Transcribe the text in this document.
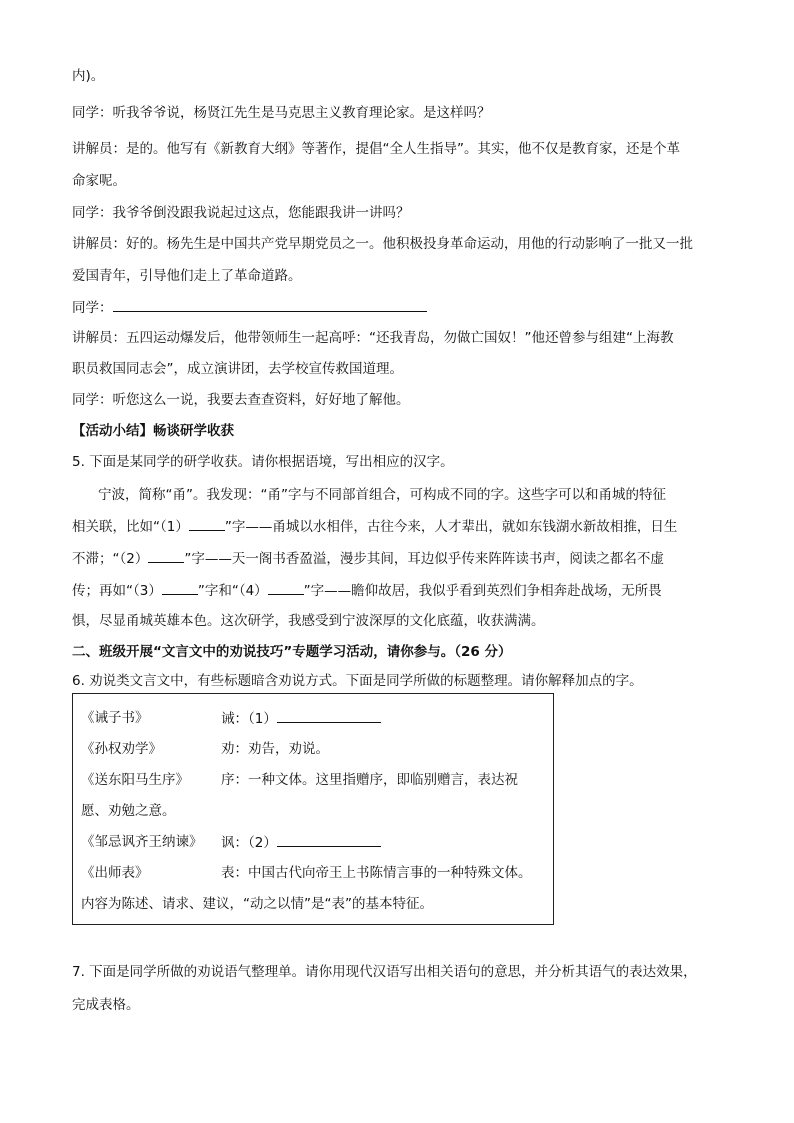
内)。
同学：听我爷爷说，杨贤江先生是马克思主义教育理论家。是这样吗？
讲解员：是的。他写有《新教育大纲》等著作，提倡“全人生指导”。其实，他不仅是教育家，还是个革
命家呢。
同学：我爷爷倒没跟我说起过这点，您能跟我讲一讲吗？
讲解员：好的。杨先生是中国共产党早期党员之一。他积极投身革命运动，用他的行动影响了一批又一批
爱国青年，引导他们走上了革命道路。
同学：
讲解员：五四运动爆发后，他带领师生一起高呼：“还我青岛，勿做亡国奴！”他还曾参与组建“上海教
职员救国同志会”，成立演讲团，去学校宣传救国道理。
同学：听您这么一说，我要去查查资料，好好地了解他。
【活动小结】畅谈研学收获
5. 下面是某同学的研学收获。请你根据语境，写出相应的汉字。
宁波，简称“甬”。我发现：“甬”字与不同部首组合，可构成不同的字。这些字可以和甬城的特征
相关联，比如“（1）	”字——甬城以水相伴，古往今来，人才辈出，就如东钱湖水新故相推，日生
不滞；“（2）	”字——天一阁书香盈溢，漫步其间，耳边似乎传来阵阵读书声，阅读之都名不虚
传；再如“（3）	”字和“（4）	”字——瞻仰故居，我似乎看到英烈们争相奔赴战场，无所畏
惧，尽显甬城英雄本色。这次研学，我感受到宁波深厚的文化底蕴，收获满满。
二、班级开展“文言文中的劝说技巧”专题学习活动，请你参与。（26 分）
6. 劝说类文言文中，有些标题暗含劝说方式。下面是同学所做的标题整理。请你解释加点的字。
《诫子书》	诫：（1）
《孙权劝学》	劝：劝告，劝说。
《送东阳马生序》 序：一种文体。这里指赠序，即临别赠言，表达祝
愿、劝勉之意。
《邹忌讽齐王纳谏》 讽：（2）
《出师表》	表：中国古代向帝王上书陈情言事的一种特殊文体。
内容为陈述、请求、建议，“动之以情”是“表”的基本特征。
7. 下面是同学所做的劝说语气整理单。请你用现代汉语写出相关语句的意思，并分析其语气的表达效果，
完成表格。
